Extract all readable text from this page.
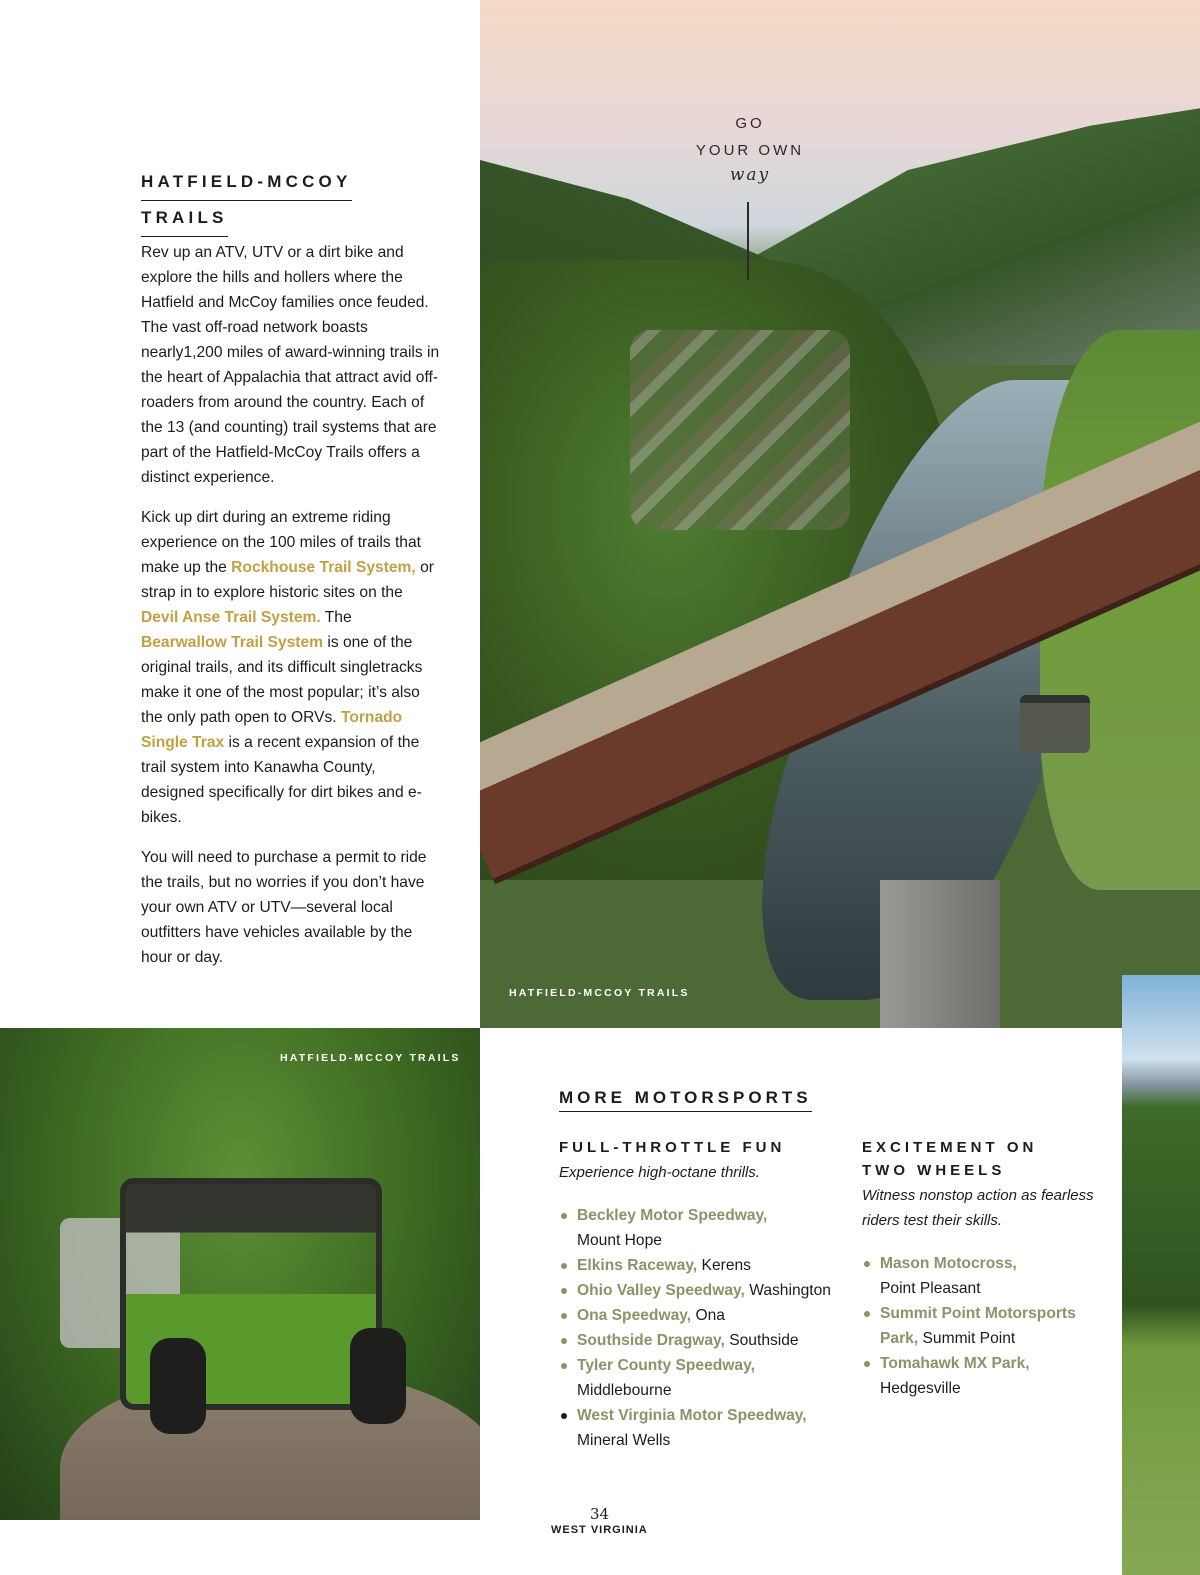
GO
YOUR OWN
way
HATFIELD-MCCOY TRAILS
HATFIELD-MCCOY TRAILS
HATFIELD-MCCOY
TRAILS

Rev up an ATV, UTV or a dirt bike and explore the hills and hollers where the Hatfield and McCoy families once feuded. The vast off-road network boasts nearly1,200 miles of award-winning trails in the heart of Appalachia that attract avid off-roaders from around the country. Each of the 13 (and counting) trail systems that are part of the Hatfield-McCoy Trails offers a distinct experience.

Kick up dirt during an extreme riding experience on the 100 miles of trails that make up the Rockhouse Trail System, or strap in to explore historic sites on the Devil Anse Trail System. The Bearwallow Trail System is one of the original trails, and its difficult singletracks make it one of the most popular; it’s also the only path open to ORVs. Tornado Single Trax is a recent expansion of the trail system into Kanawha County, designed specifically for dirt bikes and e-bikes.

You will need to purchase a permit to ride the trails, but no worries if you don’t have your own ATV or UTV—several local outfitters have vehicles available by the hour or day.

MORE MOTORSPORTS
FULL-THROTTLE FUN
Experience high-octane thrills.
Beckley Motor Speedway,
Mount Hope
Elkins Raceway, Kerens
Ohio Valley Speedway, Washington
Ona Speedway, Ona
Southside Dragway, Southside
Tyler County Speedway,
Middlebourne
West Virginia Motor Speedway,
Mineral Wells
EXCITEMENT ON
TWO WHEELS
Witness nonstop action as fearless riders test their skills.
Mason Motocross,
Point Pleasant
Summit Point Motorsports Park, Summit Point
Tomahawk MX Park,
Hedgesville
34
WEST VIRGINIA
